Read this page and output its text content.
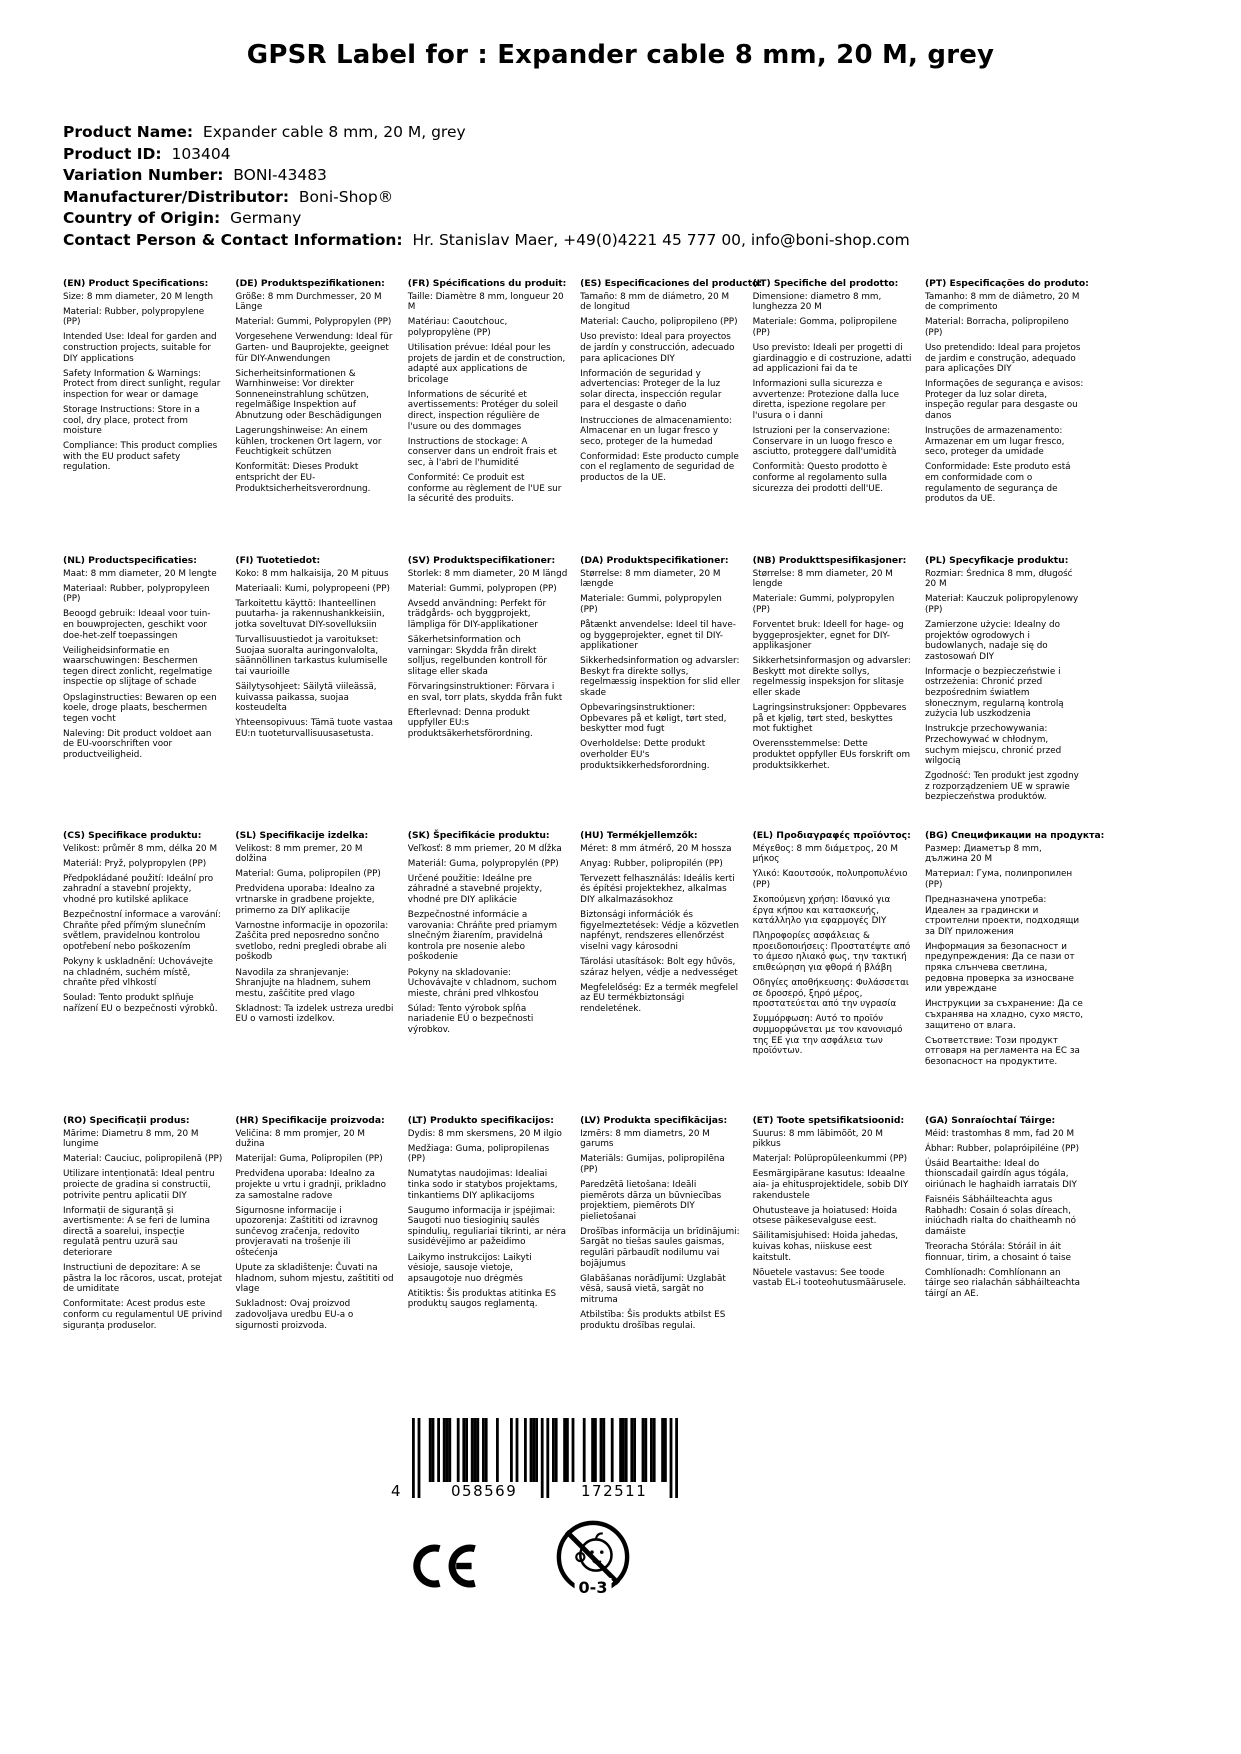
GPSR Label for : Expander cable 8 mm, 20 M, grey
Product Name:  Expander cable 8 mm, 20 M, grey
Product ID:  103404
Variation Number:  BONI-43483
Manufacturer/Distributor:  Boni-Shop®
Country of Origin:  Germany
Contact Person & Contact Information:  Hr. Stanislav Maer, +49(0)4221 45 777 00, info@boni-shop.com
(EN) Product Specifications:

Size: 8 mm diameter, 20 M length

Material: Rubber, polypropylene (PP)

Intended Use: Ideal for garden and construction projects, suitable for DIY applications

Safety Information & Warnings: Protect from direct sunlight, regular inspection for wear or damage

Storage Instructions: Store in a cool, dry place, protect from moisture

Compliance: This product complies with the EU product safety regulation.

(DE) Produktspezifikationen:

Größe: 8 mm Durchmesser, 20 M Länge

Material: Gummi, Polypropylen (PP)

Vorgesehene Verwendung: Ideal für Garten- und Bauprojekte, geeignet für DIY-Anwendungen

Sicherheitsinformationen & Warnhinweise: Vor direkter Sonneneinstrahlung schützen, regelmäßige Inspektion auf Abnutzung oder Beschädigungen

Lagerungshinweise: An einem kühlen, trockenen Ort lagern, vor Feuchtigkeit schützen

Konformität: Dieses Produkt entspricht der EU-Produktsicherheitsverordnung.

(FR) Spécifications du produit:

Taille: Diamètre 8 mm, longueur 20 M

Matériau: Caoutchouc, polypropylène (PP)

Utilisation prévue: Idéal pour les projets de jardin et de construction, adapté aux applications de bricolage

Informations de sécurité et avertissements: Protéger du soleil direct, inspection régulière de l'usure ou des dommages

Instructions de stockage: A conserver dans un endroit frais et sec, à l'abri de l'humidité

Conformité: Ce produit est conforme au règlement de l'UE sur la sécurité des produits.

(ES) Especificaciones del producto:

Tamaño: 8 mm de diámetro, 20 M de longitud

Material: Caucho, polipropileno (PP)

Uso previsto: Ideal para proyectos de jardín y construcción, adecuado para aplicaciones DIY

Información de seguridad y advertencias: Proteger de la luz solar directa, inspección regular para el desgaste o daño

Instrucciones de almacenamiento: Almacenar en un lugar fresco y seco, proteger de la humedad

Conformidad: Este producto cumple con el reglamento de seguridad de productos de la UE.

(IT) Specifiche del prodotto:

Dimensione: diametro 8 mm, lunghezza 20 M

Materiale: Gomma, polipropilene (PP)

Uso previsto: Ideali per progetti di giardinaggio e di costruzione, adatti ad applicazioni fai da te

Informazioni sulla sicurezza e avvertenze: Protezione dalla luce diretta, ispezione regolare per l'usura o i danni

Istruzioni per la conservazione: Conservare in un luogo fresco e asciutto, proteggere dall'umidità

Conformità: Questo prodotto è conforme al regolamento sulla sicurezza dei prodotti dell'UE.

(PT) Especificações do produto:

Tamanho: 8 mm de diâmetro, 20 M de comprimento

Material: Borracha, polipropileno (PP)

Uso pretendido: Ideal para projetos de jardim e construção, adequado para aplicações DIY

Informações de segurança e avisos: Proteger da luz solar direta, inspeção regular para desgaste ou danos

Instruções de armazenamento: Armazenar em um lugar fresco, seco, proteger da umidade

Conformidade: Este produto está em conformidade com o regulamento de segurança de produtos da UE.

(NL) Productspecificaties:

Maat: 8 mm diameter, 20 M lengte

Materiaal: Rubber, polypropyleen (PP)

Beoogd gebruik: Ideaal voor tuin- en bouwprojecten, geschikt voor doe-het-zelf toepassingen

Veiligheidsinformatie en waarschuwingen: Beschermen tegen direct zonlicht, regelmatige inspectie op slijtage of schade

Opslaginstructies: Bewaren op een koele, droge plaats, beschermen tegen vocht

Naleving: Dit product voldoet aan de EU-voorschriften voor productveiligheid.

(FI) Tuotetiedot:

Koko: 8 mm halkaisija, 20 M pituus

Materiaali: Kumi, polypropeeni (PP)

Tarkoitettu käyttö: Ihanteellinen puutarha- ja rakennushankkeisiin, jotka soveltuvat DIY-sovelluksiin

Turvallisuustiedot ja varoitukset: Suojaa suoralta auringonvalolta, säännöllinen tarkastus kulumiselle tai vaurioille

Säilytysohjeet: Säilytä viileässä, kuivassa paikassa, suojaa kosteudelta

Yhteensopivuus: Tämä tuote vastaa EU:n tuoteturvallisuusasetusta.

(SV) Produktspecifikationer:

Storlek: 8 mm diameter, 20 M längd

Material: Gummi, polypropen (PP)

Avsedd användning: Perfekt för trädgårds- och byggprojekt, lämpliga för DIY-applikationer

Säkerhetsinformation och varningar: Skydda från direkt solljus, regelbunden kontroll för slitage eller skada

Förvaringsinstruktioner: Förvara i en sval, torr plats, skydda från fukt

Efterlevnad: Denna produkt uppfyller EU:s produktsäkerhetsförordning.

(DA) Produktspecifikationer:

Størrelse: 8 mm diameter, 20 M længde

Materiale: Gummi, polypropylen (PP)

Påtænkt anvendelse: Ideel til have- og byggeprojekter, egnet til DIY-applikationer

Sikkerhedsinformation og advarsler: Beskyt fra direkte sollys, regelmæssig inspektion for slid eller skade

Opbevaringsinstruktioner: Opbevares på et køligt, tørt sted, beskytter mod fugt

Overholdelse: Dette produkt overholder EU's produktsikkerhedsforordning.

(NB) Produkttspesifikasjoner:

Størrelse: 8 mm diameter, 20 M lengde

Materiale: Gummi, polypropylen (PP)

Forventet bruk: Ideell for hage- og byggeprosjekter, egnet for DIY-applikasjoner

Sikkerhetsinformasjon og advarsler: Beskytt mot direkte sollys, regelmessig inspeksjon for slitasje eller skade

Lagringsinstruksjoner: Oppbevares på et kjølig, tørt sted, beskyttes mot fuktighet

Overensstemmelse: Dette produktet oppfyller EUs forskrift om produktsikkerhet.

(PL) Specyfikacje produktu:

Rozmiar: Średnica 8 mm, długość 20 M

Materiał: Kauczuk polipropylenowy (PP)

Zamierzone użycie: Idealny do projektów ogrodowych i budowlanych, nadaje się do zastosowań DIY

Informacje o bezpieczeństwie i ostrzeżenia: Chronić przed bezpośrednim światłem słonecznym, regularną kontrolą zużycia lub uszkodzenia

Instrukcje przechowywania: Przechowywać w chłodnym, suchym miejscu, chronić przed wilgocią

Zgodność: Ten produkt jest zgodny z rozporządzeniem UE w sprawie bezpieczeństwa produktów.

(CS) Specifikace produktu:

Velikost: průměr 8 mm, délka 20 M

Materiál: Pryž, polypropylen (PP)

Předpokládané použití: Ideální pro zahradní a stavební projekty, vhodné pro kutilské aplikace

Bezpečnostní informace a varování: Chraňte před přímým slunečním světlem, pravidelnou kontrolou opotřebení nebo poškozením

Pokyny k uskladnění: Uchovávejte na chladném, suchém místě, chraňte před vlhkostí

Soulad: Tento produkt splňuje nařízení EU o bezpečnosti výrobků.

(SL) Specifikacije izdelka:

Velikost: 8 mm premer, 20 M dolžina

Material: Guma, polipropilen (PP)

Predvidena uporaba: Idealno za vrtnarske in gradbene projekte, primerno za DIY aplikacije

Varnostne informacije in opozorila: Zaščita pred neposredno sončno svetlobo, redni pregledi obrabe ali poškodb

Navodila za shranjevanje: Shranjujte na hladnem, suhem mestu, zaščitite pred vlago

Skladnost: Ta izdelek ustreza uredbi EU o varnosti izdelkov.

(SK) Špecifikácie produktu:

Veľkosť: 8 mm priemer, 20 M dĺžka

Materiál: Guma, polypropylén (PP)

Určené použitie: Ideálne pre záhradné a stavebné projekty, vhodné pre DIY aplikácie

Bezpečnostné informácie a varovania: Chráňte pred priamym slnečným žiarením, pravidelná kontrola pre nosenie alebo poškodenie

Pokyny na skladovanie: Uchovávajte v chladnom, suchom mieste, chráni pred vlhkosťou

Súlad: Tento výrobok spĺňa nariadenie EÚ o bezpečnosti výrobkov.

(HU) Termékjellemzők:

Méret: 8 mm átmérő, 20 M hossza

Anyag: Rubber, polipropilén (PP)

Tervezett felhasználás: Ideális kerti és építési projektekhez, alkalmas DIY alkalmazásokhoz

Biztonsági információk és figyelmeztetések: Védje a közvetlen napfényt, rendszeres ellenőrzést viselni vagy károsodni

Tárolási utasítások: Bolt egy hűvös, száraz helyen, védje a nedvességet

Megfelelőség: Ez a termék megfelel az EU termékbiztonsági rendeletének.

(EL) Προδιαγραφές προϊόντος:

Μέγεθος: 8 mm διάμετρος, 20 M μήκος

Υλικό: Καουτσούκ, πολυπροπυλένιο (PP)

Σκοπούμενη χρήση: Ιδανικό για έργα κήπου και κατασκευής, κατάλληλο για εφαρμογές DIY

Πληροφορίες ασφάλειας & προειδοποιήσεις: Προστατέψτε από το άμεσο ηλιακό φως, την τακτική επιθεώρηση για φθορά ή βλάβη

Οδηγίες αποθήκευσης: Φυλάσσεται σε δροσερό, ξηρό μέρος, προστατεύεται από την υγρασία

Συμμόρφωση: Αυτό το προϊόν συμμορφώνεται με τον κανονισμό της ΕΕ για την ασφάλεια των προϊόντων.

(BG) Спецификации на продукта:

Размер: Диаметър 8 mm, дължина 20 M

Материал: Гума, полипропилен (PP)

Предназначена употреба: Идеален за градински и строителни проекти, подходящи за DIY приложения

Информация за безопасност и предупреждения: Да се пази от пряка слънчева светлина, редовна проверка за износване или увреждане

Инструкции за съхранение: Да се съхранява на хладно, сухо място, защитено от влага.

Съответствие: Този продукт отговаря на регламента на ЕС за безопасност на продуктите.

(RO) Specificații produs:

Mărime: Diametru 8 mm, 20 M lungime

Material: Cauciuc, polipropilenă (PP)

Utilizare intenționată: Ideal pentru proiecte de gradina si constructii, potrivite pentru aplicatii DIY

Informații de siguranță și avertismente: A se feri de lumina directă a soarelui, inspecție regulată pentru uzură sau deteriorare

Instructiuni de depozitare: A se păstra la loc răcoros, uscat, protejat de umiditate

Conformitate: Acest produs este conform cu regulamentul UE privind siguranța produselor.

(HR) Specifikacije proizvoda:

Veličina: 8 mm promjer, 20 M dužina

Materijal: Guma, Polipropilen (PP)

Predviđena uporaba: Idealno za projekte u vrtu i gradnji, prikladno za samostalne radove

Sigurnosne informacije i upozorenja: Zaštititi od izravnog sunčevog zračenja, redovito provjeravati na trošenje ili oštećenja

Upute za skladištenje: Čuvati na hladnom, suhom mjestu, zaštititi od vlage

Sukladnost: Ovaj proizvod zadovoljava uredbu EU-a o sigurnosti proizvoda.

(LT) Produkto specifikacijos:

Dydis: 8 mm skersmens, 20 M ilgio

Medžiaga: Guma, polipropilenas (PP)

Numatytas naudojimas: Idealiai tinka sodo ir statybos projektams, tinkantiems DIY aplikacijoms

Saugumo informacija ir įspėjimai: Saugoti nuo tiesioginių saulės spindulių, reguliariai tikrinti, ar nėra susidėvėjimo ar pažeidimo

Laikymo instrukcijos: Laikyti vėsioje, sausoje vietoje, apsaugotoje nuo drėgmės

Atitiktis: Šis produktas atitinka ES produktų saugos reglamentą.

(LV) Produkta specifikācijas:

Izmērs: 8 mm diametrs, 20 M garums

Materiāls: Gumijas, polipropilēna (PP)

Paredzētā lietošana: Ideāli piemērots dārza un būvniecības projektiem, piemērots DIY pielietošanai

Drošības informācija un brīdinājumi: Sargāt no tiešas saules gaismas, regulāri pārbaudīt nodilumu vai bojājumus

Glabāšanas norādījumi: Uzglabāt vēsā, sausā vietā, sargāt no mitruma

Atbilstība: Šis produkts atbilst ES produktu drošības regulai.

(ET) Toote spetsifikatsioonid:

Suurus: 8 mm läbimõõt, 20 M pikkus

Materjal: Polüpropüleenkummi (PP)

Eesmärgipärane kasutus: Ideaalne aia- ja ehitusprojektidele, sobib DIY rakendustele

Ohutusteave ja hoiatused: Hoida otsese päikesevalguse eest.

Säilitamisjuhised: Hoida jahedas, kuivas kohas, niiskuse eest kaitstult.

Nõuetele vastavus: See toode vastab EL-i tooteohutusmäärusele.

(GA) Sonraíochtaí Táirge:

Méid: trastomhas 8 mm, fad 20 M

Ábhar: Rubber, polapróipiléine (PP)

Úsáid Beartaithe: Ideal do thionscadail gairdín agus tógála, oiriúnach le haghaidh iarratais DIY

Faisnéis Sábháilteachta agus Rabhadh: Cosain ó solas díreach, iniúchadh rialta do chaitheamh nó damáiste

Treoracha Stórála: Stóráil in áit fionnuar, tirim, a chosaint ó taise

Comhlíonadh: Comhlíonann an táirge seo rialachán sábháilteachta táirgí an AE.

4	058569	172511
0-3
